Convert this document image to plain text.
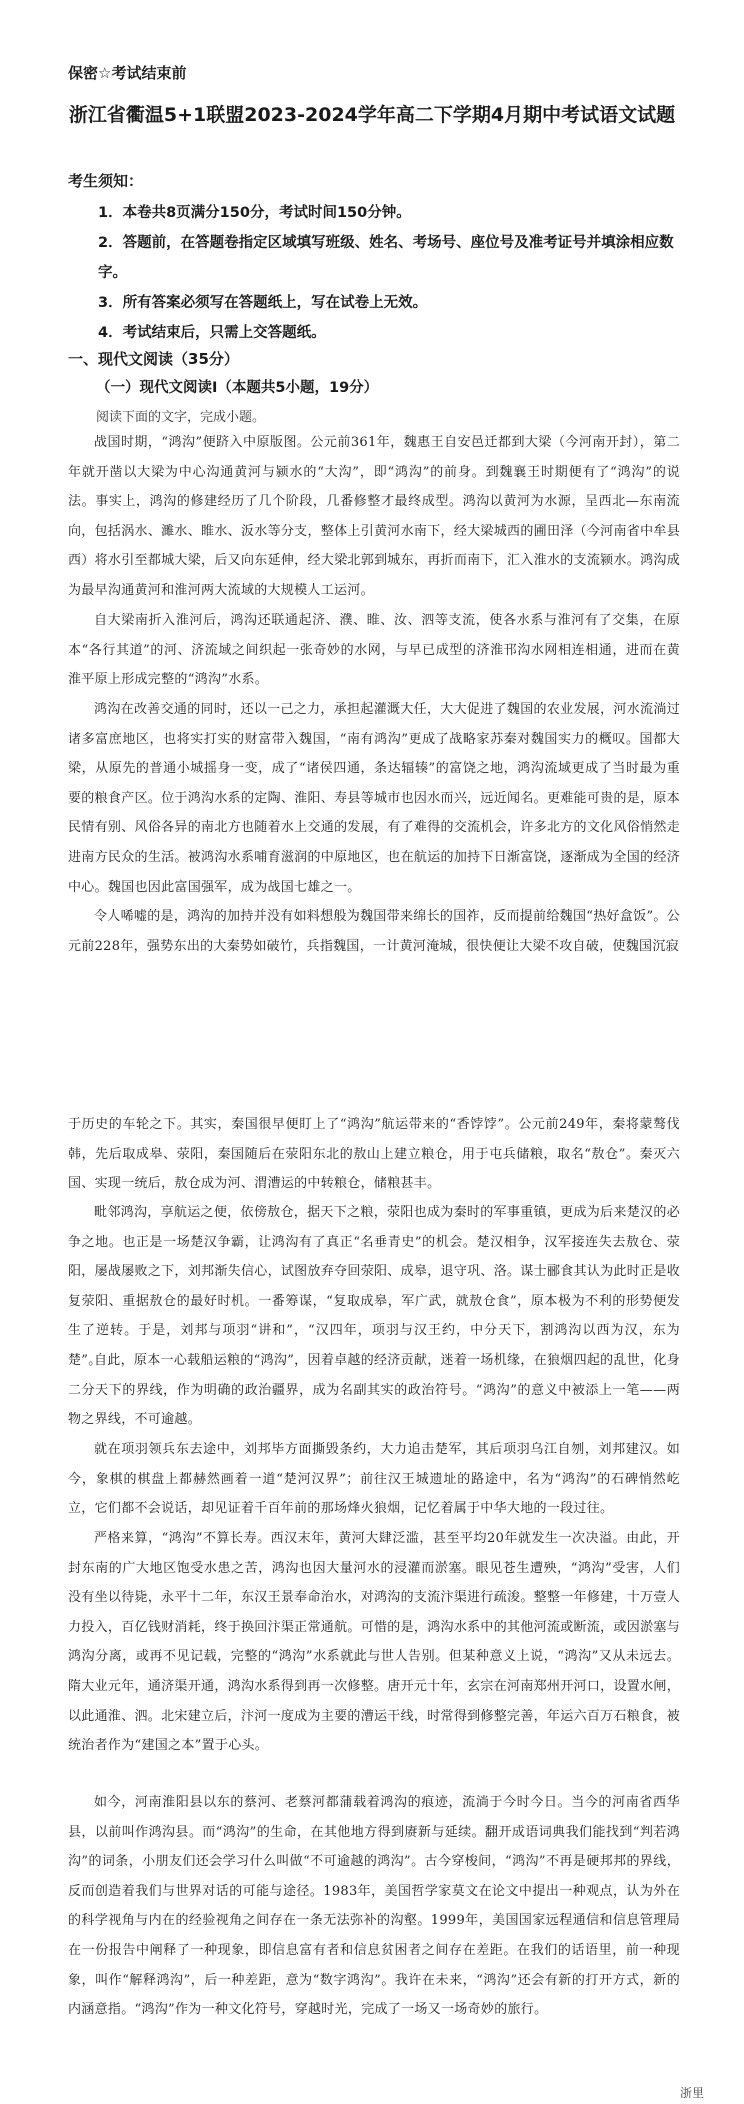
保密☆考试结束前
浙江省衢温5+1联盟2023-2024学年高二下学期4月期中考试语文试题
考生须知：
1．本卷共8页满分150分，考试时间150分钟。
2．答题前，在答题卷指定区域填写班级、姓名、考场号、座位号及准考证号并填涂相应数字。
3．所有答案必须写在答题纸上，写在试卷上无效。
4．考试结束后，只需上交答题纸。
一、现代文阅读（35分）
（一）现代文阅读Ⅰ（本题共5小题，19分）
阅读下面的文字，完成小题。
战国时期，“鸿沟”便跻入中原版图。公元前361年，魏惠王自安邑迁都到大梁（今河南开封），第二年就开凿以大梁为中心沟通黄河与颍水的“大沟”，即“鸿沟”的前身。到魏襄王时期便有了“鸿沟”的说法。事实上，鸿沟的修建经历了几个阶段，几番修整才最终成型。鸿沟以黄河为水源，呈西北—东南流向，包括涡水、濉水、睢水、汳水等分支，整体上引黄河水南下，经大梁城西的圃田泽（今河南省中牟县西）将水引至都城大梁，后又向东延伸，经大梁北郭到城东，再折而南下，汇入淮水的支流颍水。鸿沟成为最早沟通黄河和淮河两大流域的大规模人工运河。
自大梁南折入淮河后，鸿沟还联通起济、濮、睢、汝、泗等支流，使各水系与淮河有了交集，在原本“各行其道”的河、济流域之间织起一张奇妙的水网，与早已成型的济淮邗沟水网相连相通，进而在黄淮平原上形成完整的“鸿沟”水系。
鸿沟在改善交通的同时，还以一己之力，承担起灌溉大任，大大促进了魏国的农业发展，河水流淌过诸多富庶地区，也将实打实的财富带入魏国，“南有鸿沟”更成了战略家苏秦对魏国实力的概叹。国都大梁，从原先的普通小城摇身一变，成了“诸侯四通，条达辐辏”的富饶之地，鸿沟流域更成了当时最为重要的粮食产区。位于鸿沟水系的定陶、淮阳、寿县等城市也因水而兴，远近闻名。更难能可贵的是，原本民情有别、风俗各异的南北方也随着水上交通的发展，有了难得的交流机会，许多北方的文化风俗悄然走进南方民众的生活。被鸿沟水系哺育滋润的中原地区，也在航运的加持下日渐富饶，逐渐成为全国的经济中心。魏国也因此富国强军，成为战国七雄之一。
令人唏嘘的是，鸿沟的加持并没有如料想般为魏国带来绵长的国祚，反而提前给魏国“热好盒饭”。公元前228年，强势东出的大秦势如破竹，兵指魏国，一计黄河淹城，很快便让大梁不攻自破，使魏国沉寂
于历史的车轮之下。其实，秦国很早便盯上了“鸿沟”航运带来的“香饽饽”。公元前249年，秦将蒙骜伐韩，先后取成皋、荥阳，秦国随后在荥阳东北的敖山上建立粮仓，用于屯兵储粮，取名“敖仓”。秦灭六国、实现一统后，敖仓成为河、渭漕运的中转粮仓，储粮甚丰。
毗邻鸿沟，享航运之便，依傍敖仓，据天下之粮，荥阳也成为秦时的军事重镇，更成为后来楚汉的必争之地。也正是一场楚汉争霸，让鸿沟有了真正“名垂青史”的机会。楚汉相争，汉军接连失去敖仓、荥阳，屡战屡败之下，刘邦渐失信心，试图放弃夺回荥阳、成皋，退守巩、洛。谋士郦食其认为此时正是收复荥阳、重据敖仓的最好时机。一番筹谋，“复取成皋，军广武，就敖仓食”，原本极为不利的形势便发生了逆转。于是，刘邦与项羽“讲和”，“汉四年，项羽与汉王约，中分天下，割鸿沟以西为汉，东为楚”。
自此，原本一心载船运粮的“鸿沟”，因着卓越的经济贡献，迷着一场机缘，在狼烟四起的乱世，化身二分天下的界线，作为明确的政治疆界，成为名副其实的政治符号。“鸿沟”的意义中被添上一笔——两物之界线，不可逾越。
就在项羽领兵东去途中，刘邦毕方面撕毁条约，大力追击楚军，其后项羽乌江自刎，刘邦建汉。如今，象棋的棋盘上都赫然画着一道“楚河汉界”；前往汉王城遗址的路途中，名为“鸿沟”的石碑悄然屹立，它们都不会说话，却见证着千百年前的那场烽火狼烟，记忆着属于中华大地的一段过往。
严格来算，“鸿沟”不算长寿。西汉末年，黄河大肆泛滥，甚至平均20年就发生一次决溢。由此，开封东南的广大地区饱受水患之苦，鸿沟也因大量河水的浸灌而淤塞。眼见苍生遭殃，“鸿沟”受害，人们没有坐以待毙，永平十二年，东汉王景奉命治水，对鸿沟的支流汴渠进行疏浚。整整一年修建，十万壹人力投入，百亿钱财消耗，终于换回汴渠正常通航。可惜的是，鸿沟水系中的其他河流或断流，或因淤塞与鸿沟分离，或再不见记载，完整的“鸿沟”水系就此与世人告别。但某种意义上说，“鸿沟”又从未远去。隋大业元年，通济渠开通，鸿沟水系得到再一次修整。唐开元十年，玄宗在河南郑州开河口，设置水闸，以此通淮、泗。北宋建立后，汴河一度成为主要的漕运干线，时常得到修整完善，年运六百万石粮食，被统治者作为“建国之本”置于心头。
如今，河南淮阳县以东的蔡河、老蔡河都蒲载着鸿沟的痕迹，流淌于今时今日。当今的河南省西华县，以前叫作鸿沟县。而“鸿沟”的生命，在其他地方得到赓新与延续。翻开成语词典我们能找到“判若鸿沟”的词条，小朋友们还会学习什么叫做“不可逾越的鸿沟”。古今穿梭间，“鸿沟”不再是硬邦邦的界线，反而创造着我们与世界对话的可能与途径。1983年，美国哲学家莫文在论文中提出一种观点，认为外在的科学视角与内在的经验视角之间存在一条无法弥补的沟壑。1999年，美国国家远程通信和信息管理局在一份报告中阐释了一种现象，即信息富有者和信息贫困者之间存在差距。在我们的话语里，前一种现象，叫作“解释鸿沟”，后一种差距，意为“数字鸿沟”。我许在未来，“鸿沟”还会有新的打开方式，新的内涵意指。“鸿沟”作为一种文化符号，穿越时光，完成了一场又一场奇妙的旅行。
浙里
